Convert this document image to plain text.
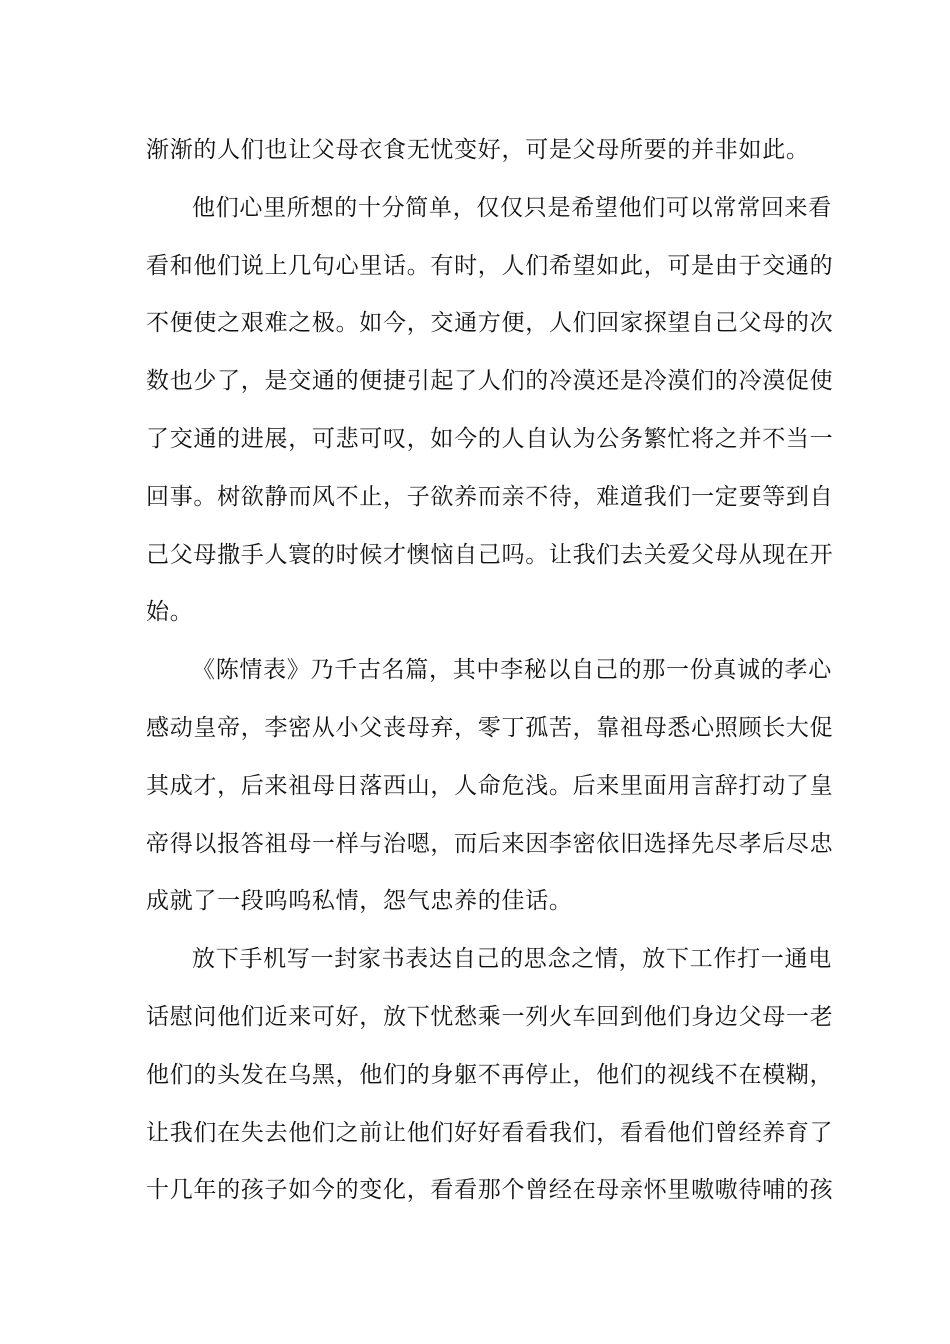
渐渐的人们也让父母衣食无忧变好，可是父母所要的并非如此。
他们心里所想的十分简单，仅仅只是希望他们可以常常回来看
看和他们说上几句心里话。有时，人们希望如此，可是由于交通的
不便使之艰难之极。如今，交通方便，人们回家探望自己父母的次
数也少了，是交通的便捷引起了人们的冷漠还是冷漠们的冷漠促使
了交通的进展，可悲可叹，如今的人自认为公务繁忙将之并不当一
回事。树欲静而风不止，子欲养而亲不待，难道我们一定要等到自
己父母撒手人寰的时候才懊恼自己吗。让我们去关爱父母从现在开
始。
《陈情表》乃千古名篇，其中李秘以自己的那一份真诚的孝心
感动皇帝，李密从小父丧母弃，零丁孤苦，靠祖母悉心照顾长大促
其成才，后来祖母日落西山，人命危浅。后来里面用言辞打动了皇
帝得以报答祖母一样与治嗯，而后来因李密依旧选择先尽孝后尽忠
成就了一段呜呜私情，怨气忠养的佳话。
放下手机写一封家书表达自己的思念之情，放下工作打一通电
话慰问他们近来可好，放下忧愁乘一列火车回到他们身边父母一老
他们的头发在乌黑，他们的身躯不再停止，他们的视线不在模糊，
让我们在失去他们之前让他们好好看看我们，看看他们曾经养育了
十几年的孩子如今的变化，看看那个曾经在母亲怀里嗷嗷待哺的孩
